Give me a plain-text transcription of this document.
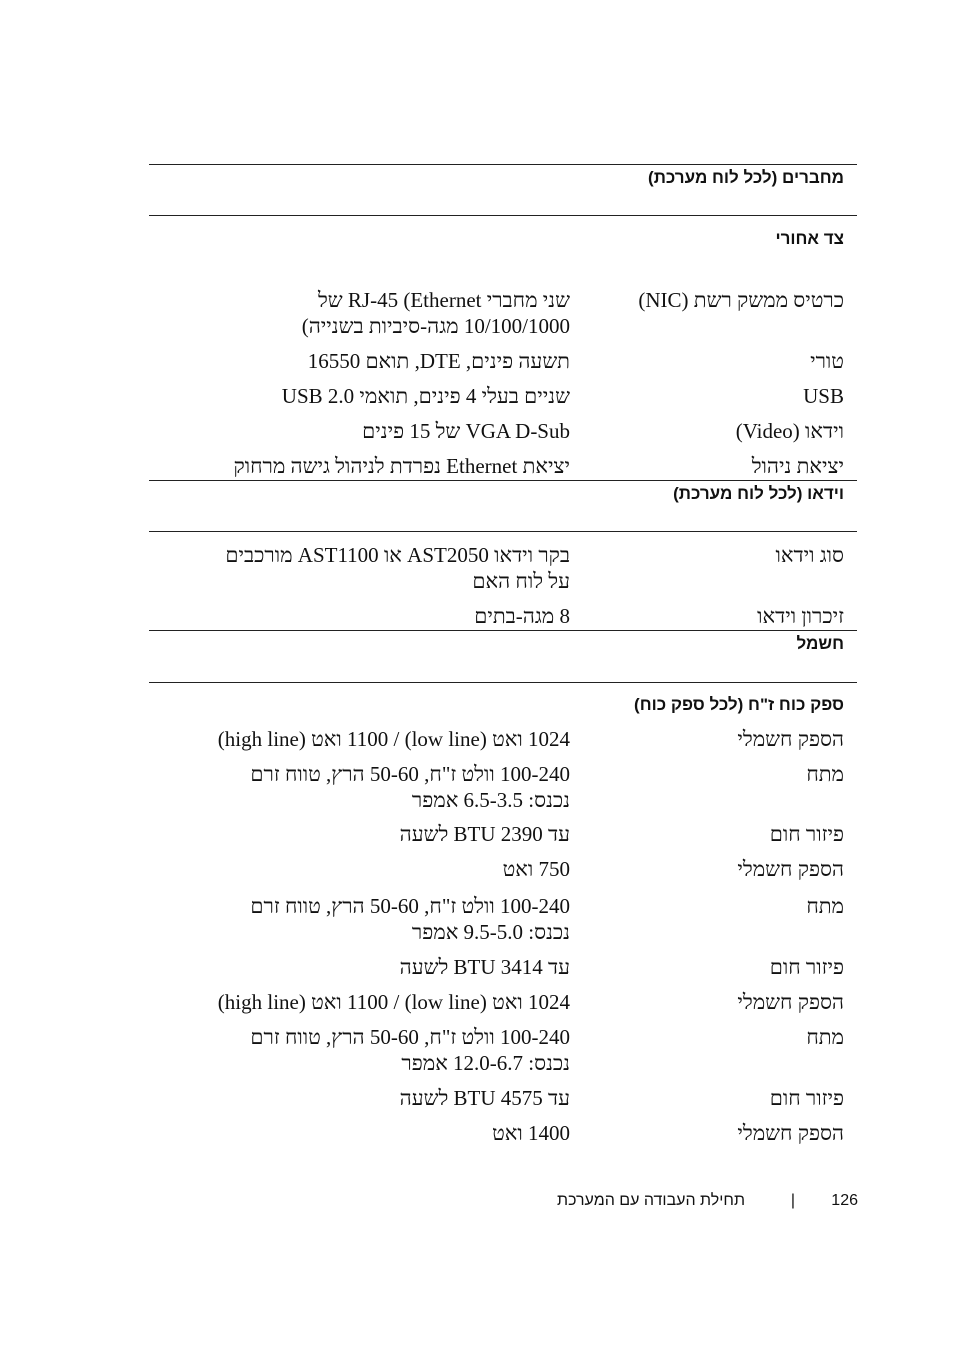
מחברים (לכל לוח מערכת)
צד אחורי
וידאו (לכל לוח מערכת)
חשמל
ספק כוח ז"ח (לכל ספק כוח)
כרטיס ממשק רשת (NIC)
שני מחברי RJ-45 (Ethernet של
10/100/1000 מגה-סיביות בשנייה)
טורי
תשעה פינים, DTE, תואם 16550
USB
שניים בעלי 4 פינים, תואמי USB 2.0
וידאו (Video)
VGA D-Sub של 15 פינים
יציאת ניהול
יציאת Ethernet נפרדת לניהול גישה מרחוק
סוג וידאו
בקר וידאו AST2050 או AST1100 מורכבים
על לוח האם
זיכרון וידאו
8 מגה-בתים
הספק חשמלי
1024 ואט (low line) / 1100 ואט (high line)
מתח
100-240 וולט ז"ח, 50-60 הרץ, טווח זרם
נכנס: 6.5-3.5 אמפר
פיזור חום
עד 2390 BTU לשעה
הספק חשמלי
750 ואט
מתח
100-240 וולט ז"ח, 50-60 הרץ, טווח זרם
נכנס: 9.5-5.0 אמפר
פיזור חום
עד 3414 BTU לשעה
הספק חשמלי
1024 ואט (low line) / 1100 ואט (high line)
מתח
100-240 וולט ז"ח, 50-60 הרץ, טווח זרם
נכנס: 12.0-6.7 אמפר
פיזור חום
עד 4575 BTU לשעה
הספק חשמלי
1400 ואט
126
|
תחילת העבודה עם המערכת
